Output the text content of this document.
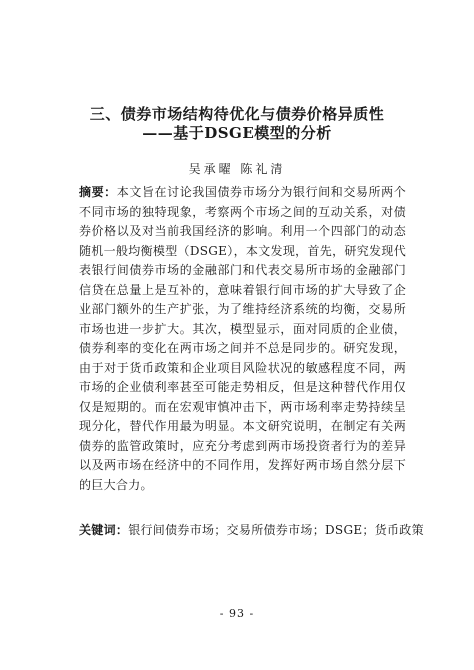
三、债券市场结构待优化与债券价格异质性
——基于DSGE模型的分析
吴承曜 陈礼清
摘要：本文旨在讨论我国债券市场分为银行间和交易所两个不同市场的独特现象，考察两个市场之间的互动关系，对债券价格以及对当前我国经济的影响。利用一个四部门的动态随机一般均衡模型（DSGE），本文发现，首先，研究发现代表银行间债券市场的金融部门和代表交易所市场的金融部门信贷在总量上是互补的，意味着银行间市场的扩大导致了企业部门额外的生产扩张，为了维持经济系统的均衡，交易所市场也进一步扩大。其次，模型显示，面对同质的企业债，债券利率的变化在两市场之间并不总是同步的。研究发现，由于对于货币政策和企业项目风险状况的敏感程度不同，两市场的企业债利率甚至可能走势相反，但是这种替代作用仅仅是短期的。而在宏观审慎冲击下，两市场利率走势持续呈现分化，替代作用最为明显。本文研究说明，在制定有关两债券的监管政策时，应充分考虑到两市场投资者行为的差异以及两市场在经济中的不同作用，发挥好两市场自然分层下的巨大合力。
关键词：银行间债券市场；交易所债券市场；DSGE；货币政策
- 93 -
